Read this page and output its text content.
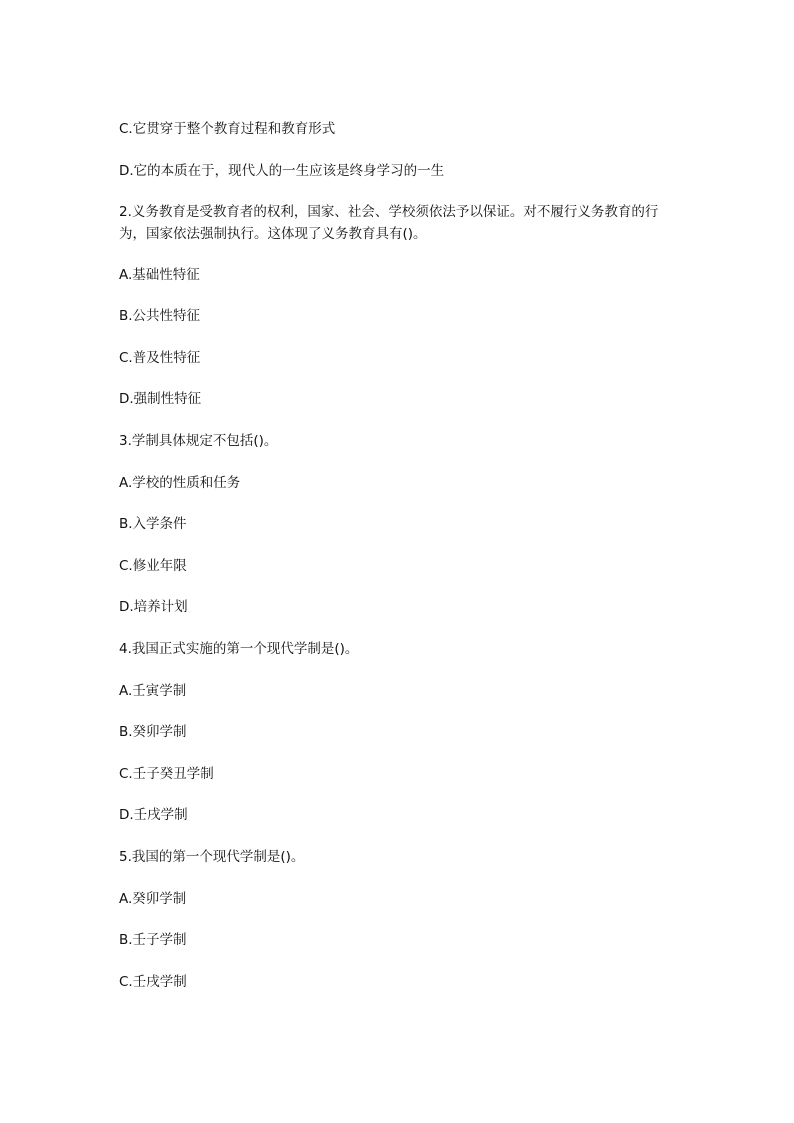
C.它贯穿于整个教育过程和教育形式

D.它的本质在于，现代人的一生应该是终身学习的一生

2.义务教育是受教育者的权利，国家、社会、学校须依法予以保证。对不履行义务教育的行为，国家依法强制执行。这体现了义务教育具有()。

A.基础性特征

B.公共性特征

C.普及性特征

D.强制性特征

3.学制具体规定不包括()。

A.学校的性质和任务

B.入学条件

C.修业年限

D.培养计划

4.我国正式实施的第一个现代学制是()。

A.壬寅学制

B.癸卯学制

C.壬子癸丑学制

D.壬戌学制

5.我国的第一个现代学制是()。

A.癸卯学制

B.壬子学制

C.壬戌学制
